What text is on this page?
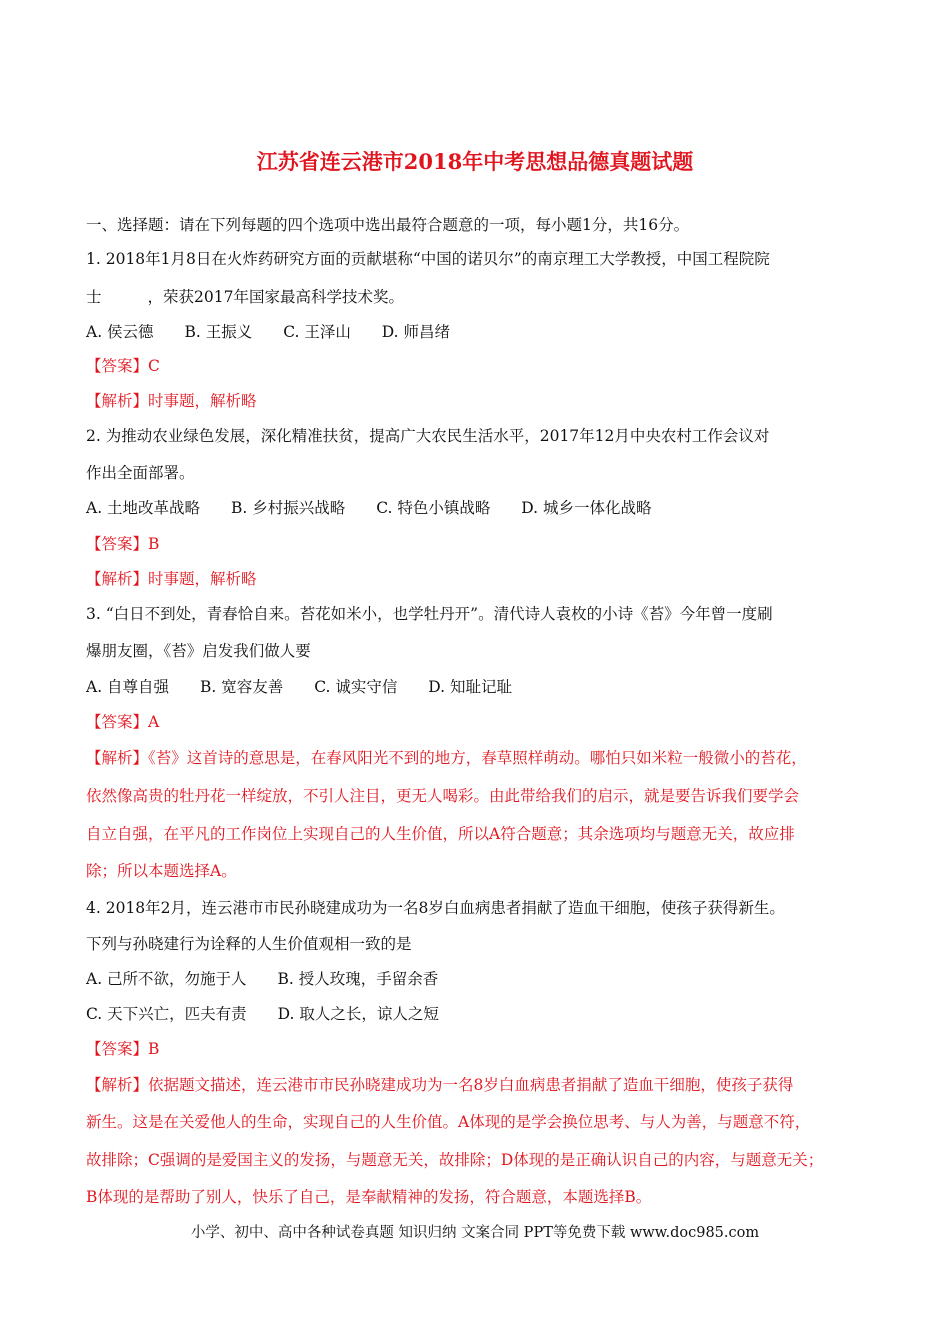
江苏省连云港市2018年中考思想品德真题试题
一、选择题：请在下列每题的四个选项中选出最符合题意的一项，每小题1分，共16分。
1. 2018年1月8日在火炸药研究方面的贡献堪称“中国的诺贝尔”的南京理工大学教授，中国工程院院
士	，荣获2017年国家最高科学技术奖。
A. 侯云德 B. 王振义 C. 王泽山 D. 师昌绪
【答案】C
【解析】时事题，解析略
2. 为推动农业绿色发展，深化精准扶贫，提高广大农民生活水平，2017年12月中央农村工作会议对
作出全面部署。
A. 土地改革战略 B. 乡村振兴战略 C. 特色小镇战略 D. 城乡一体化战略
【答案】B
【解析】时事题，解析略
3. “白日不到处，青春恰自来。苔花如米小，也学牡丹开”。清代诗人袁枚的小诗《苔》今年曾一度刷
爆朋友圈，《苔》启发我们做人要
A. 自尊自强 B. 宽容友善 C. 诚实守信 D. 知耻记耻
【答案】A
【解析】《苔》这首诗的意思是，在春风阳光不到的地方，春草照样萌动。哪怕只如米粒一般微小的苔花，
依然像高贵的牡丹花一样绽放，不引人注目，更无人喝彩。由此带给我们的启示，就是要告诉我们要学会
自立自强，在平凡的工作岗位上实现自己的人生价值，所以A符合题意；其余选项均与题意无关，故应排
除；所以本题选择A。
4. 2018年2月，连云港市市民孙晓建成功为一名8岁白血病患者捐献了造血干细胞，使孩子获得新生。
下列与孙晓建行为诠释的人生价值观相一致的是
A. 己所不欲，勿施于人 B. 授人玫瑰，手留余香
C. 天下兴亡，匹夫有责 D. 取人之长，谅人之短
【答案】B
【解析】依据题文描述，连云港市市民孙晓建成功为一名8岁白血病患者捐献了造血干细胞，使孩子获得
新生。这是在关爱他人的生命，实现自己的人生价值。A体现的是学会换位思考、与人为善，与题意不符，
故排除；C强调的是爱国主义的发扬，与题意无关，故排除；D体现的是正确认识自己的内容，与题意无关；
B体现的是帮助了别人，快乐了自己，是奉献精神的发扬，符合题意，本题选择B。
小学、初中、高中各种试卷真题 知识归纳 文案合同 PPT等免费下载 www.doc985.com
